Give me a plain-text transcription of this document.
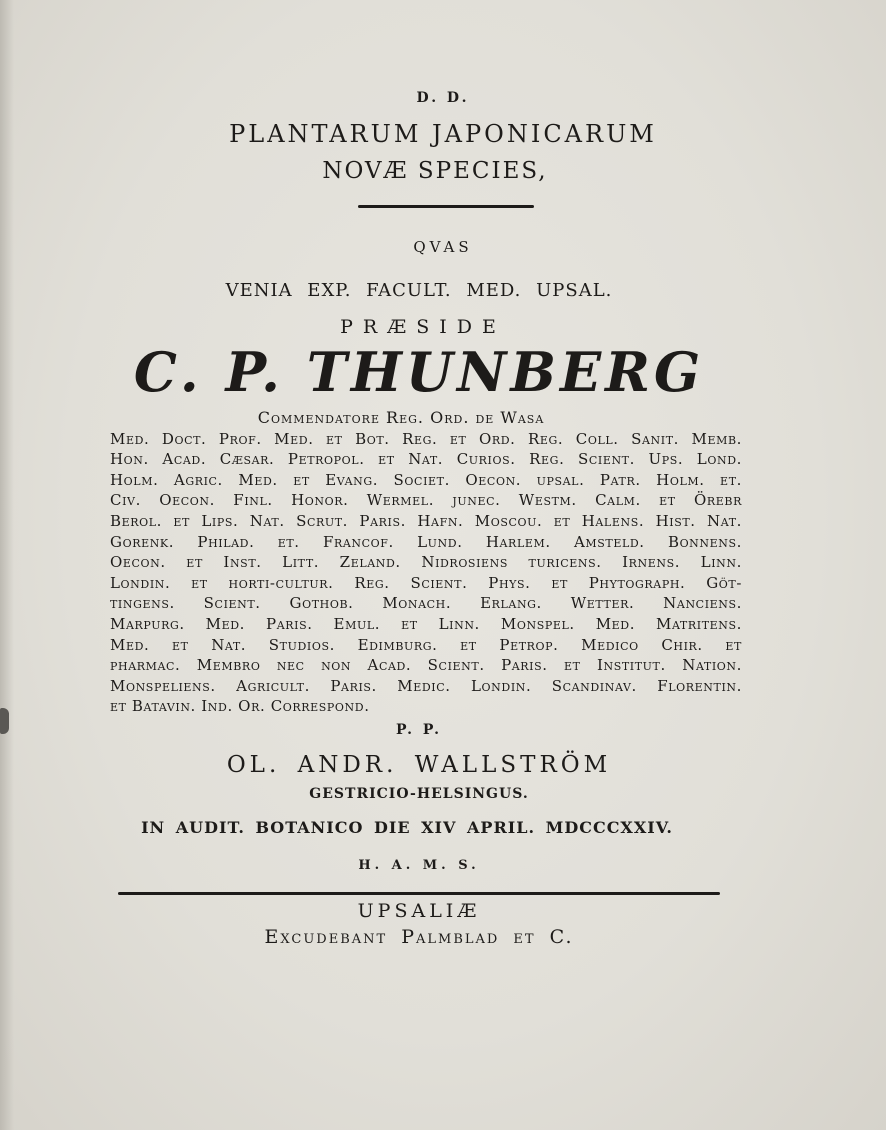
D. D.

PLANTARUM JAPONICARUM
NOVÆ SPECIES,

QVAS

VENIA EXP. FACULT. MED. UPSAL.

PRÆSIDE

C. P. THUNBERG
Commendatore Reg. Ord. de Wasa
Med. Doct. Prof. Med. et Bot. Reg. et Ord. Reg. Coll. Sanit. Memb.
Hon. Acad. Cæsar. Petropol. et Nat. Curios. Reg. Scient. Ups. Lond.
Holm. Agric. Med. et Evang. Societ. Oecon. upsal. Patr. Holm. et.
Civ. Oecon. Finl. Honor. Wermel. junec. Westm. Calm. et Örebr
Berol. et Lips. Nat. Scrut. Paris. Hafn. Moscou. et Halens. Hist. Nat.
Gorenk. Philad. et. Francof. Lund. Harlem. Amsteld. Bonnens.
Oecon. et Inst. Litt. Zeland. Nidrosiens turicens. Irnens. Linn.
Londin. et horti-cultur. Reg. Scient. Phys. et Phytograph. Göt-
tingens. Scient. Gothob. Monach. Erlang. Wetter. Nanciens.
Marpurg. Med. Paris. Emul. et Linn. Monspel. Med. Matritens.
Med. et Nat. Studios. Edimburg. et Petrop. Medico Chir. et
pharmac. Membro nec non Acad. Scient. Paris. et Institut. Nation.
Monspeliens. Agricult. Paris. Medic. Londin. Scandinav. Florentin.
et Batavin. Ind. Or. Correspond.

P. P.

OL. ANDR. WALLSTRÖM

GESTRICIO-HELSINGUS.

IN AUDIT. BOTANICO DIE XIV APRIL. MDCCCXXIV.

H. A. M. S.

UPSALIÆ

Excudebant Palmblad et C.
